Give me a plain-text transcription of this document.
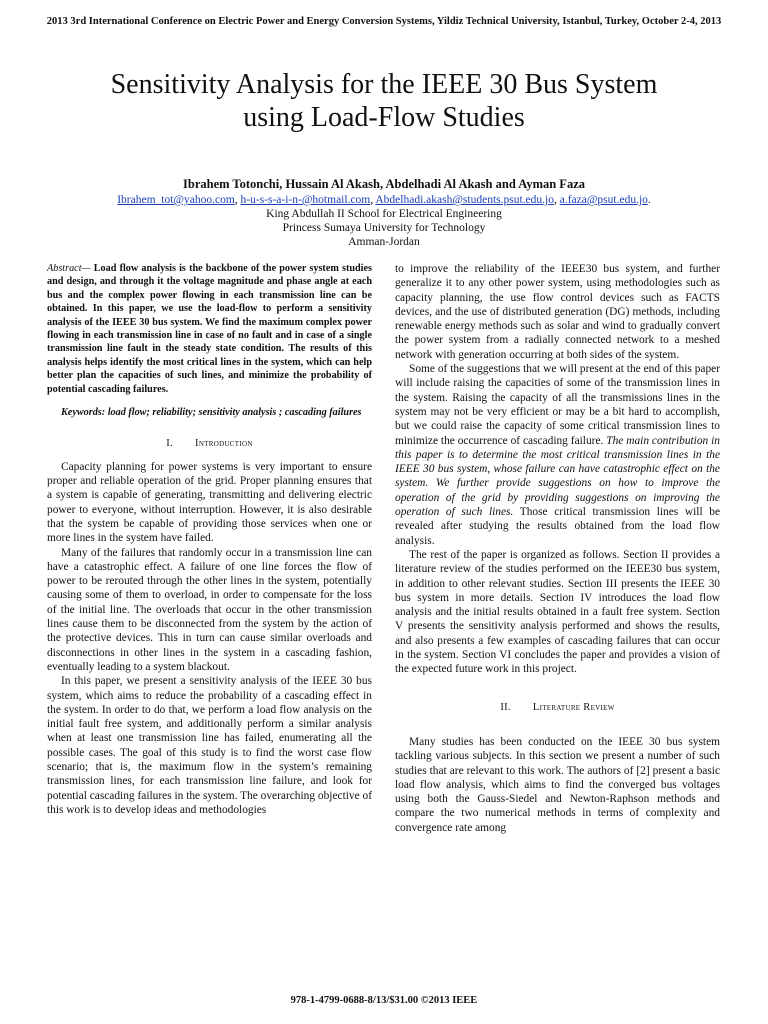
2013 3rd International Conference on Electric Power and Energy Conversion Systems, Yildiz Technical University, Istanbul, Turkey, October 2-4, 2013
Sensitivity Analysis for the IEEE 30 Bus System
using Load-Flow Studies
Ibrahem Totonchi, Hussain Al Akash, Abdelhadi Al Akash and Ayman Faza
Ibrahem_tot@yahoo.com, h-u-s-s-a-i-n-@hotmail.com, Abdelhadi.akash@students.psut.edu.jo, a.faza@psut.edu.jo.
King Abdullah II School for Electrical Engineering
Princess Sumaya University for Technology
Amman-Jordan

Abstract— Load flow analysis is the backbone of the power system studies and design, and through it the voltage magnitude and phase angle at each bus and the complex power flowing in each transmission line can be obtained. In this paper, we use the load-flow to perform a sensitivity analysis of the IEEE 30 bus system. We find the maximum complex power flowing in each transmission line in case of no fault and in case of a single transmission line fault in the steady state condition. The results of this analysis helps identify the most critical lines in the system, which can help better plan the capacities of such lines, and minimize the probability of potential cascading failures.

Keywords: load flow; reliability; sensitivity analysis ; cascading failures

I. Introduction

Capacity planning for power systems is very important to ensure proper and reliable operation of the grid. Proper planning ensures that a system is capable of generating, transmitting and delivering electric power to everyone, without interruption. However, it is also desirable that the system be capable of providing those services when one or more lines in the system have failed.

Many of the failures that randomly occur in a transmission line can have a catastrophic effect. A failure of one line forces the flow of power to be rerouted through the other lines in the system, potentially causing some of them to overload, in order to compensate for the loss of the initial line. The overloads that occur in the other transmission lines cause them to be disconnected from the system by the action of the protective devices. This in turn can cause similar overloads and disconnections in other lines in the system in a cascading fashion, eventually leading to a system blackout.

In this paper, we present a sensitivity analysis of the IEEE 30 bus system, which aims to reduce the probability of a cascading effect in the system. In order to do that, we perform a load flow analysis on the initial fault free system, and additionally perform a similar analysis when at least one transmission line has failed, enumerating all the possible cases. The goal of this study is to find the worst case flow scenario; that is, the maximum flow in the system’s remaining transmission lines, for each transmission line failure, and look for potential cascading failures in the system. The overarching objective of this work is to develop ideas and methodologies

to improve the reliability of the IEEE30 bus system, and further generalize it to any other power system, using methodologies such as capacity planning, the use flow control devices such as FACTS devices, and the use of distributed generation (DG) methods, including renewable energy methods such as solar and wind to gradually convert the power system from a radially connected network to a meshed network with generation occurring at both sides of the system.

Some of the suggestions that we will present at the end of this paper will include raising the capacities of some of the transmission lines in the system. Raising the capacity of all the transmissions lines in the system may not be very efficient or may be a bit hard to accomplish, but we could raise the capacity of some critical transmission lines to minimize the occurrence of cascading failure. The main contribution in this paper is to determine the most critical transmission lines in the IEEE 30 bus system, whose failure can have catastrophic effect on the system. We further provide suggestions on how to improve the operation of the grid by providing suggestions on improving the operation of such lines. Those critical transmission lines will be revealed after studying the results obtained from the load flow analysis.

The rest of the paper is organized as follows. Section II provides a literature review of the studies performed on the IEEE30 bus system, in addition to other relevant studies. Section III presents the IEEE 30 bus system in more details. Section IV introduces the load flow analysis and the initial results obtained in a fault free system. Section V presents the sensitivity analysis performed and shows the results, and also presents a few examples of cascading failures that can occur in the system. Section VI concludes the paper and provides a vision of the expected future work in this project.

II. Literature Review

Many studies has been conducted on the IEEE 30 bus system tackling various subjects. In this section we present a number of such studies that are relevant to this work. The authors of [2] present a basic load flow analysis, which aims to find the converged bus voltages using both the Gauss-Siedel and Newton-Raphson methods and compare the two numerical methods in terms of complexity and convergence rate among

978-1-4799-0688-8/13/$31.00 ©2013 IEEE
